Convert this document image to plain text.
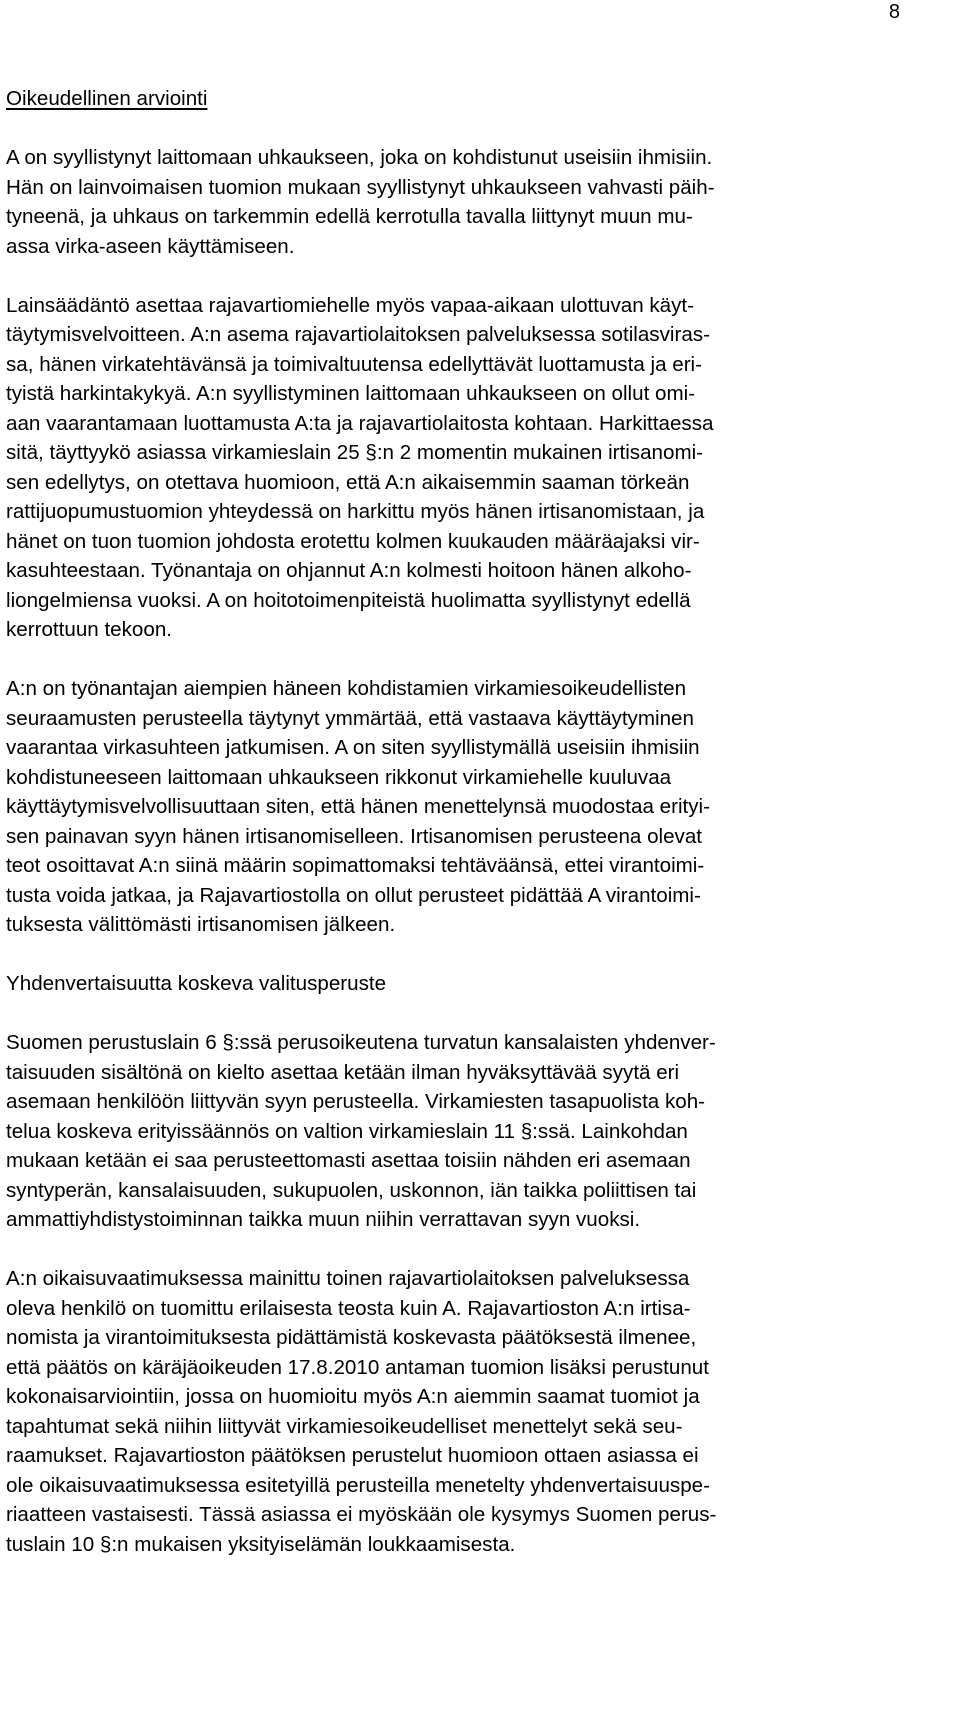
8
Oikeudellinen arviointi

A on syyllistynyt laittomaan uhkaukseen, joka on kohdistunut useisiin ihmisiin.
Hän on lainvoimaisen tuomion mukaan syyllistynyt uhkaukseen vahvasti päih-
tyneenä, ja uhkaus on tarkemmin edellä kerrotulla tavalla liittynyt muun mu-
assa virka-aseen käyttämiseen.

Lainsäädäntö asettaa rajavartiomiehelle myös vapaa-aikaan ulottuvan käyt-
täytymisvelvoitteen. A:n asema rajavartiolaitoksen palveluksessa sotilasviras-
sa, hänen virkatehtävänsä ja toimivaltuutensa edellyttävät luottamusta ja eri-
tyistä harkintakykyä. A:n syyllistyminen laittomaan uhkaukseen on ollut omi-
aan vaarantamaan luottamusta A:ta ja rajavartiolaitosta kohtaan. Harkittaessa
sitä, täyttyykö asiassa virkamieslain 25 §:n 2 momentin mukainen irtisanomi-
sen edellytys, on otettava huomioon, että A:n aikaisemmin saaman törkeän
rattijuopumustuomion yhteydessä on harkittu myös hänen irtisanomistaan, ja
hänet on tuon tuomion johdosta erotettu kolmen kuukauden määräajaksi vir-
kasuhteestaan. Työnantaja on ohjannut A:n kolmesti hoitoon hänen alkoho-
liongelmiensa vuoksi. A on hoitotoimenpiteistä huolimatta syyllistynyt edellä
kerrottuun tekoon.

A:n on työnantajan aiempien häneen kohdistamien virkamiesoikeudellisten
seuraamusten perusteella täytynyt ymmärtää, että vastaava käyttäytyminen
vaarantaa virkasuhteen jatkumisen. A on siten syyllistymällä useisiin ihmisiin
kohdistuneeseen laittomaan uhkaukseen rikkonut virkamiehelle kuuluvaa
käyttäytymisvelvollisuuttaan siten, että hänen menettelynsä muodostaa erityi-
sen painavan syyn hänen irtisanomiselleen. Irtisanomisen perusteena olevat
teot osoittavat A:n siinä määrin sopimattomaksi tehtäväänsä, ettei virantoimi-
tusta voida jatkaa, ja Rajavartiostolla on ollut perusteet pidättää A virantoimi-
tuksesta välittömästi irtisanomisen jälkeen.

Yhdenvertaisuutta koskeva valitusperuste

Suomen perustuslain 6 §:ssä perusoikeutena turvatun kansalaisten yhdenver-
taisuuden sisältönä on kielto asettaa ketään ilman hyväksyttävää syytä eri
asemaan henkilöön liittyvän syyn perusteella. Virkamiesten tasapuolista koh-
telua koskeva erityissäännös on valtion virkamieslain 11 §:ssä. Lainkohdan
mukaan ketään ei saa perusteettomasti asettaa toisiin nähden eri asemaan
syntyperän, kansalaisuuden, sukupuolen, uskonnon, iän taikka poliittisen tai
ammattiyhdistystoiminnan taikka muun niihin verrattavan syyn vuoksi.

A:n oikaisuvaatimuksessa mainittu toinen rajavartiolaitoksen palveluksessa
oleva henkilö on tuomittu erilaisesta teosta kuin A. Rajavartioston A:n irtisa-
nomista ja virantoimituksesta pidättämistä koskevasta päätöksestä ilmenee,
että päätös on käräjäoikeuden 17.8.2010 antaman tuomion lisäksi perustunut
kokonaisarviointiin, jossa on huomioitu myös A:n aiemmin saamat tuomiot ja
tapahtumat sekä niihin liittyvät virkamiesoikeudelliset menettelyt sekä seu-
raamukset. Rajavartioston päätöksen perustelut huomioon ottaen asiassa ei
ole oikaisuvaatimuksessa esitetyillä perusteilla menetelty yhdenvertaisuuspe-
riaatteen vastaisesti. Tässä asiassa ei myöskään ole kysymys Suomen perus-
tuslain 10 §:n mukaisen yksityiselämän loukkaamisesta.
